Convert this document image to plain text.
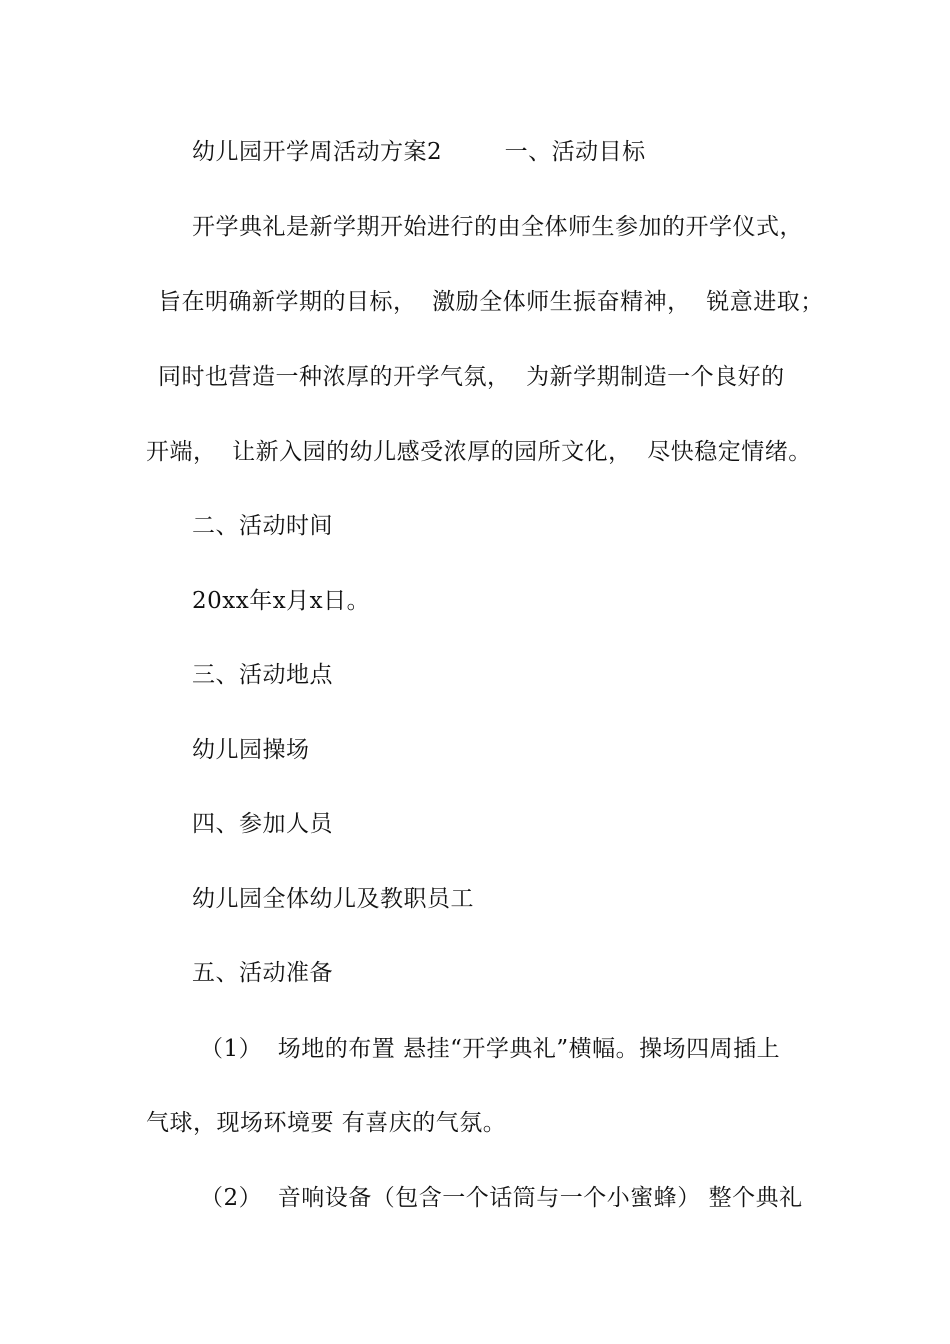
幼儿园开学周活动方案2        一、活动目标
开学典礼是新学期开始进行的由全体师生参加的开学仪式，
旨在明确新学期的目标，  激励全体师生振奋精神，  锐意进取；
同时也营造一种浓厚的开学气氛，  为新学期制造一个良好的
开端，  让新入园的幼儿感受浓厚的园所文化，  尽快稳定情绪。
二、活动时间
20xx年x月x日。
三、活动地点
幼儿园操场
四、参加人员
幼儿园全体幼儿及教职员工
五、活动准备
（1）  场地的布置 悬挂“开学典礼”横幅。操场四周插上
气球，现场环境要 有喜庆的气氛。
（2）  音响设备（包含一个话筒与一个小蜜蜂） 整个典礼
